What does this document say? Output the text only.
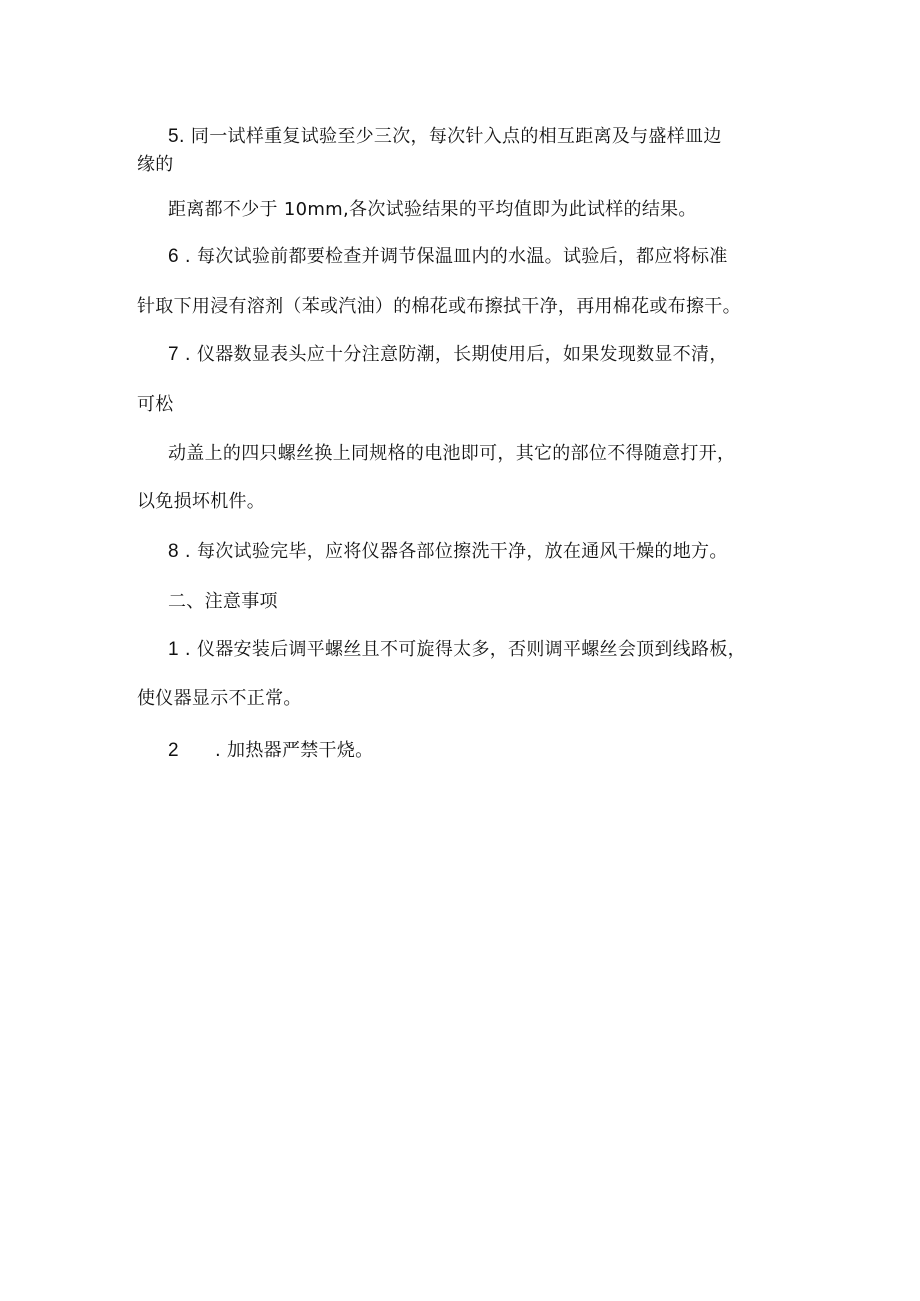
5. 同一试样重复试验至少三次，每次针入点的相互距离及与盛样皿边
缘的
距离都不少于 10mm,各次试验结果的平均值即为此试样的结果。
6 . 每次试验前都要检查并调节保温皿内的水温。试验后，都应将标准
针取下用浸有溶剂（苯或汽油）的棉花或布擦拭干净，再用棉花或布擦干。
7 . 仪器数显表头应十分注意防潮，长期使用后，如果发现数显不清，
可松
动盖上的四只螺丝换上同规格的电池即可，其它的部位不得随意打开，
以免损坏机件。
8 . 每次试验完毕，应将仪器各部位擦洗干净，放在通风干燥的地方。
二、注意事项
1 . 仪器安装后调平螺丝且不可旋得太多，否则调平螺丝会顶到线路板，
使仪器显示不正常。
2      . 加热器严禁干烧。
